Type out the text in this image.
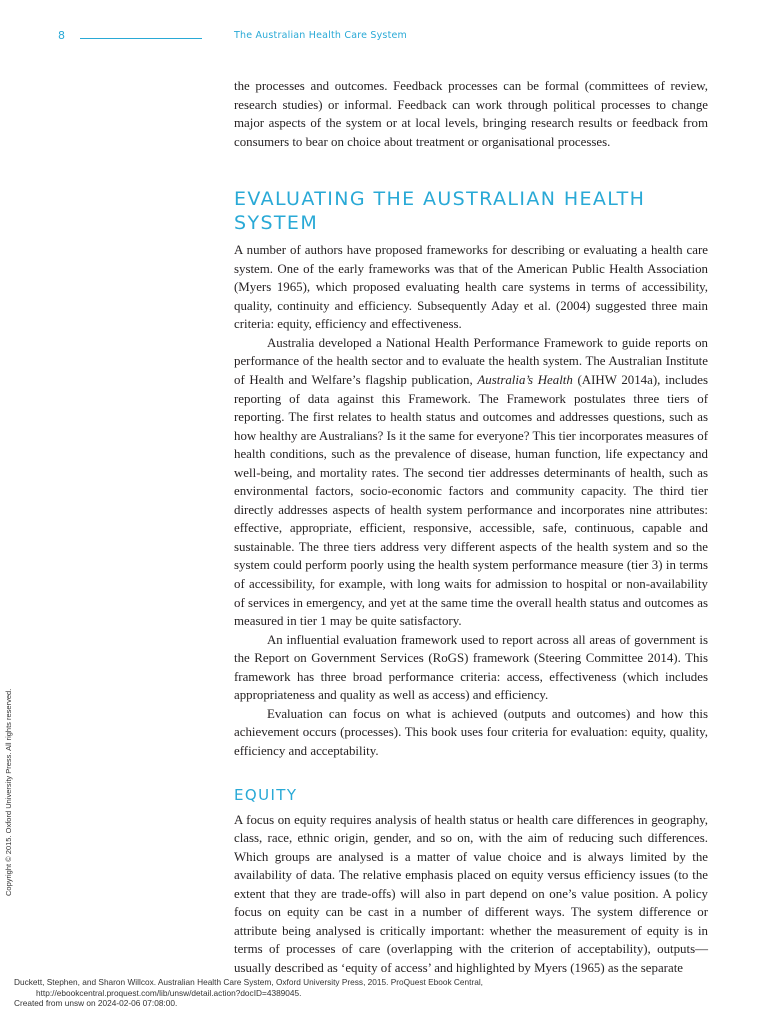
8	The Australian Health Care System

the processes and outcomes. Feedback processes can be formal (committees of review, research studies) or informal. Feedback can work through political processes to change major aspects of the system or at local levels, bringing research results or feedback from consumers to bear on choice about treatment or organisational processes.

EVALUATING THE AUSTRALIAN HEALTH SYSTEM

A number of authors have proposed frameworks for describing or evaluating a health care system. One of the early frameworks was that of the American Public Health Association (Myers 1965), which proposed evaluating health care systems in terms of accessibility, quality, continuity and efficiency. Subsequently Aday et al. (2004) suggested three main criteria: equity, efficiency and effectiveness.

Australia developed a National Health Performance Framework to guide reports on performance of the health sector and to evaluate the health system. The Australian Institute of Health and Welfare’s flagship publication, Australia’s Health (AIHW 2014a), includes reporting of data against this Framework. The Framework postulates three tiers of reporting. The first relates to health status and outcomes and addresses questions, such as how healthy are Australians? Is it the same for everyone? This tier incorporates measures of health conditions, such as the prevalence of disease, human function, life expectancy and well-being, and mortality rates. The second tier addresses determinants of health, such as environmental factors, socio-economic factors and community capacity. The third tier directly addresses aspects of health system performance and incorporates nine attributes: effective, appropriate, efficient, responsive, accessible, safe, continuous, capable and sustainable. The three tiers address very different aspects of the health system and so the system could perform poorly using the health system performance measure (tier 3) in terms of accessibility, for example, with long waits for admission to hospital or non-availability of services in emergency, and yet at the same time the overall health status and outcomes as measured in tier 1 may be quite satisfactory.

An influential evaluation framework used to report across all areas of government is the Report on Government Services (RoGS) framework (Steering Committee 2014). This framework has three broad performance criteria: access, effectiveness (which includes appropriateness and quality as well as access) and efficiency.

Evaluation can focus on what is achieved (outputs and outcomes) and how this achievement occurs (processes). This book uses four criteria for evaluation: equity, quality, efficiency and acceptability.

EQUITY

A focus on equity requires analysis of health status or health care differences in geography, class, race, ethnic origin, gender, and so on, with the aim of reducing such differences. Which groups are analysed is a matter of value choice and is always limited by the availability of data. The relative emphasis placed on equity versus efficiency issues (to the extent that they are trade-offs) will also in part depend on one’s value position. A policy focus on equity can be cast in a number of different ways. The system difference or attribute being analysed is critically important: whether the measurement of equity is in terms of processes of care (overlapping with the criterion of acceptability), outputs—usually described as ‘equity of access’ and highlighted by Myers (1965) as the separate

Copyright © 2015. Oxford University Press. All rights reserved.
Duckett, Stephen, and Sharon Willcox. Australian Health Care System, Oxford University Press, 2015. ProQuest Ebook Central,
http://ebookcentral.proquest.com/lib/unsw/detail.action?docID=4389045.
Created from unsw on 2024-02-06 07:08:00.
